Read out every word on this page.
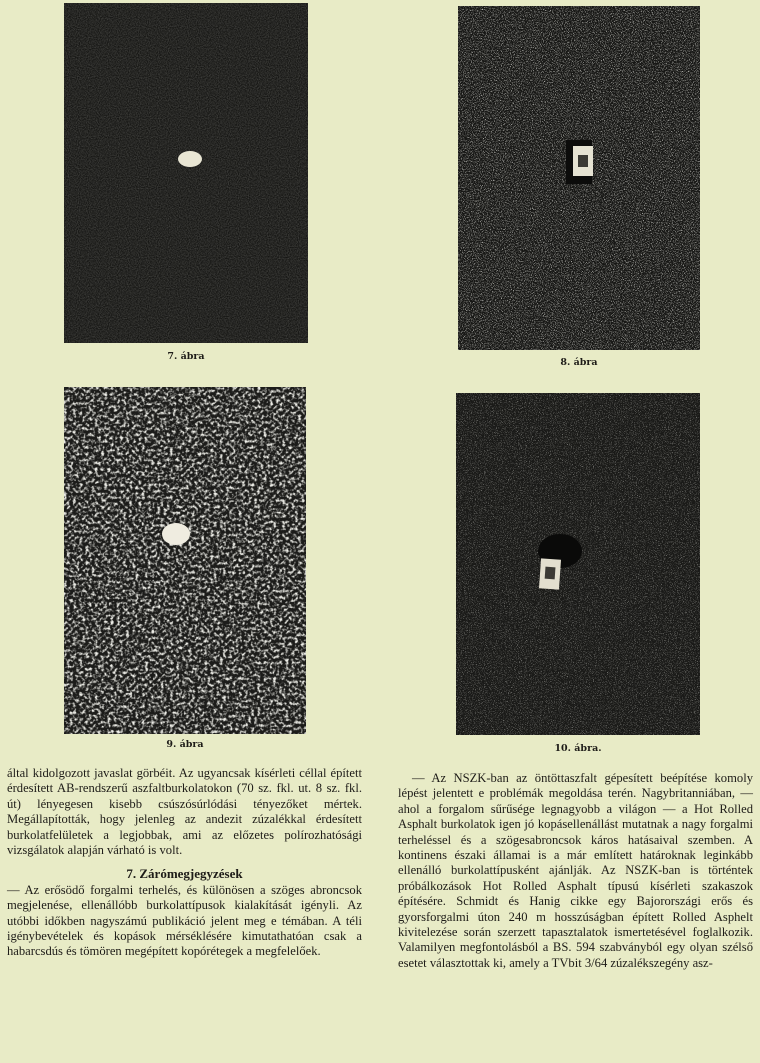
7. ábra
8. ábra
9. ábra	10. ábra.

által kidolgozott javaslat görbéit. Az ugyancsak kísérleti céllal épített érdesített AB-rendszerű aszfaltburkolatokon (70 sz. fkl. ut. 8 sz. fkl. út) lényegesen kisebb csúszósúrlódási tényezőket mértek. Megállapították, hogy jelenleg az andezit zúzalékkal érdesített burkolatfelületek a legjobbak, ami az előzetes polírozhatósági vizsgálatok alapján várható is volt.

7. Zárómegjegyzések

— Az erősödő forgalmi terhelés, és különösen a szöges abroncsok megjelenése, ellenállóbb burkolattípusok kialakítását igényli. Az utóbbi időkben nagyszámú publikáció jelent meg e témában. A téli igénybevételek és kopások mérséklésére kimutathatóan csak a habarcsdús és tömören megépített kopórétegek a megfelelőek.

— Az NSZK-ban az öntöttaszfalt gépesített beépítése komoly lépést jelentett e problémák megoldása terén. Nagybritanniában, — ahol a forgalom sűrűsége legnagyobb a világon — a Hot Rolled Asphalt burkolatok igen jó kopásellenállást mutatnak a nagy forgalmi terheléssel és a szögesabroncsok káros hatásaival szemben. A kontinens északi államai is a már említett határoknak leginkább ellenálló burkolattípusként ajánlják. Az NSZK-ban is történtek próbálkozások Hot Rolled Asphalt típusú kísérleti szakaszok építésére. Schmidt és Hanig cikke egy Bajorországi erős és gyorsforgalmi úton 240 m hosszúságban épített Rolled Asphelt kivitelezése során szerzett tapasztalatok ismertetésével foglalkozik. Valamilyen megfontolásból a BS. 594 szabványból egy olyan szélső esetet választottak ki, amely a TVbit 3/64 zúzalékszegény asz-
